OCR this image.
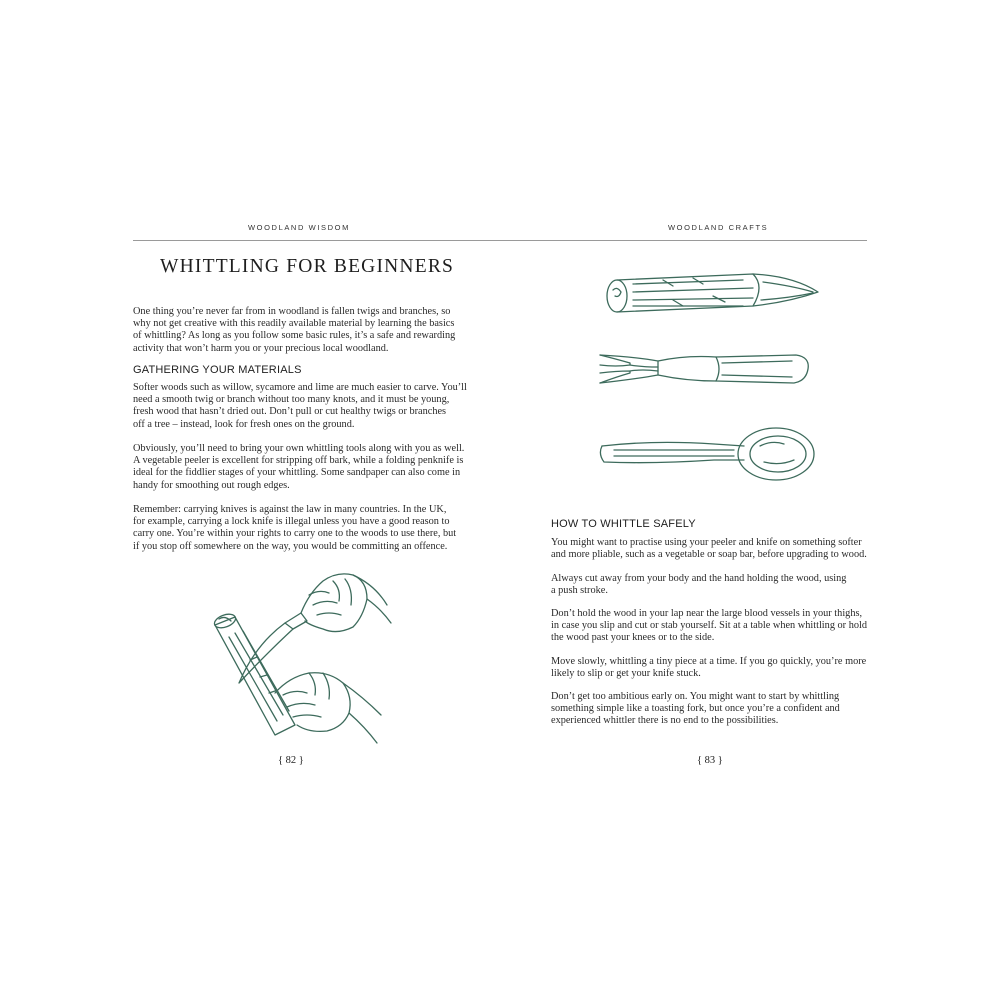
WOODLAND WISDOM	WOODLAND CRAFTS
WHITTLING FOR BEGINNERS
One thing you’re never far from in woodland is fallen twigs and branches, so
why not get creative with this readily available material by learning the basics
of whittling? As long as you follow some basic rules, it’s a safe and rewarding
activity that won’t harm you or your precious local woodland.
GATHERING YOUR MATERIALS
Softer woods such as willow, sycamore and lime are much easier to carve. You’ll
need a smooth twig or branch without too many knots, and it must be young,
fresh wood that hasn’t dried out. Don’t pull or cut healthy twigs or branches
off a tree – instead, look for fresh ones on the ground.
Obviously, you’ll need to bring your own whittling tools along with you as well.
A vegetable peeler is excellent for stripping off bark, while a folding penknife is
ideal for the fiddlier stages of your whittling. Some sandpaper can also come in
handy for smoothing out rough edges.
Remember: carrying knives is against the law in many countries. In the UK,
for example, carrying a lock knife is illegal unless you have a good reason to
carry one. You’re within your rights to carry one to the woods to use there, but
if you stop off somewhere on the way, you would be committing an offence.
{ 82 }
HOW TO WHITTLE SAFELY
You might want to practise using your peeler and knife on something softer
and more pliable, such as a vegetable or soap bar, before upgrading to wood.
Always cut away from your body and the hand holding the wood, using
a push stroke.
Don’t hold the wood in your lap near the large blood vessels in your thighs,
in case you slip and cut or stab yourself. Sit at a table when whittling or hold
the wood past your knees or to the side.
Move slowly, whittling a tiny piece at a time. If you go quickly, you’re more
likely to slip or get your knife stuck.
Don’t get too ambitious early on. You might want to start by whittling
something simple like a toasting fork, but once you’re a confident and
experienced whittler there is no end to the possibilities.
{ 83 }
